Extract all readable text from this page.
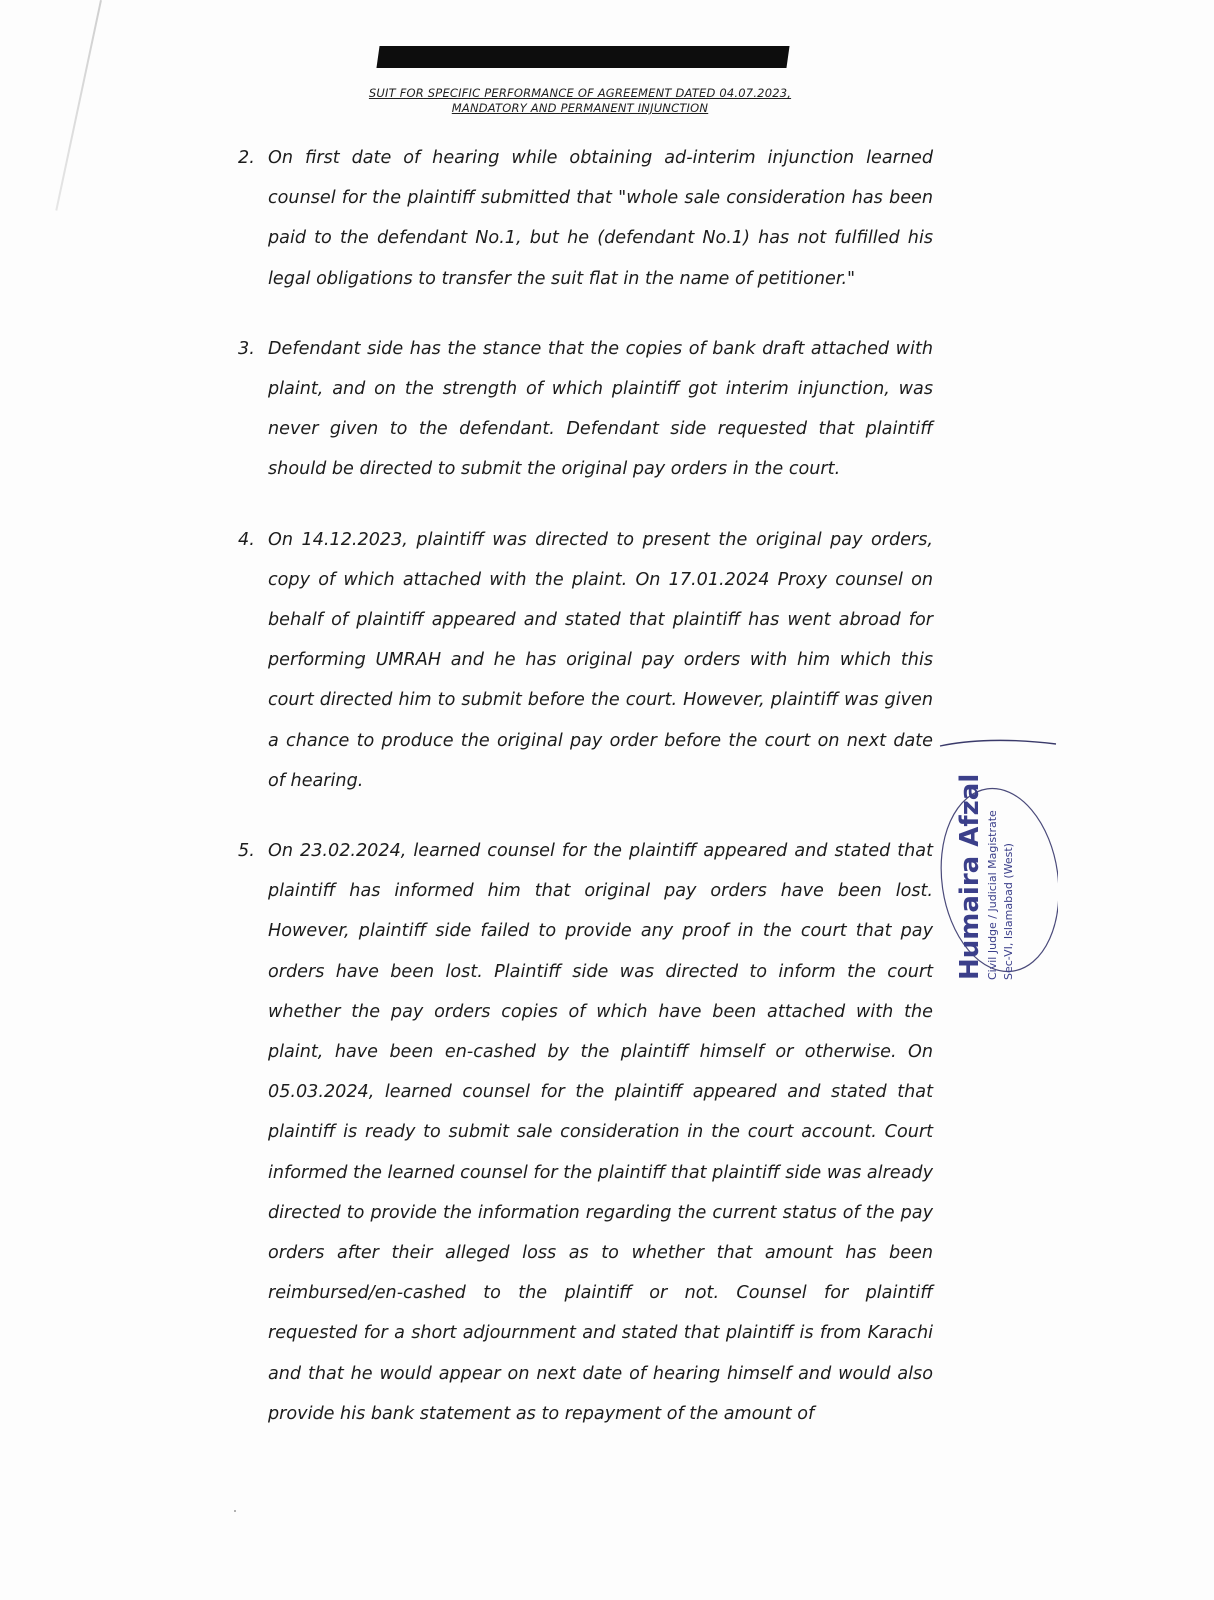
SUIT FOR SPECIFIC PERFORMANCE OF AGREEMENT DATED 04.07.2023,
MANDATORY AND PERMANENT INJUNCTION
2. On first date of hearing while obtaining ad-interim injunction learned counsel for the plaintiff submitted that "whole sale consideration has been paid to the defendant No.1, but he (defendant No.1) has not fulfilled his legal obligations to transfer the suit flat in the name of petitioner."
3. Defendant side has the stance that the copies of bank draft attached with plaint, and on the strength of which plaintiff got interim injunction, was never given to the defendant. Defendant side requested that plaintiff should be directed to submit the original pay orders in the court.
4. On 14.12.2023, plaintiff was directed to present the original pay orders, copy of which attached with the plaint. On 17.01.2024 Proxy counsel on behalf of plaintiff appeared and stated that plaintiff has went abroad for performing UMRAH and he has original pay orders with him which this court directed him to submit before the court. However, plaintiff was given a chance to produce the original pay order before the court on next date of hearing.
5. On 23.02.2024, learned counsel for the plaintiff appeared and stated that plaintiff has informed him that original pay orders have been lost. However, plaintiff side failed to provide any proof in the court that pay orders have been lost. Plaintiff side was directed to inform the court whether the pay orders copies of which have been attached with the plaint, have been en-cashed by the plaintiff himself or otherwise. On 05.03.2024, learned counsel for the plaintiff appeared and stated that plaintiff is ready to submit sale consideration in the court account. Court informed the learned counsel for the plaintiff that plaintiff side was already directed to provide the information regarding the current status of the pay orders after their alleged loss as to whether that amount has been reimbursed/en-cashed to the plaintiff or not. Counsel for plaintiff requested for a short adjournment and stated that plaintiff is from Karachi and that he would appear on next date of hearing himself and would also provide his bank statement as to repayment of the amount of
Humaira Afzal Civil Judge / Judicial Magistrate Sec-VI, Islamabad (West)
